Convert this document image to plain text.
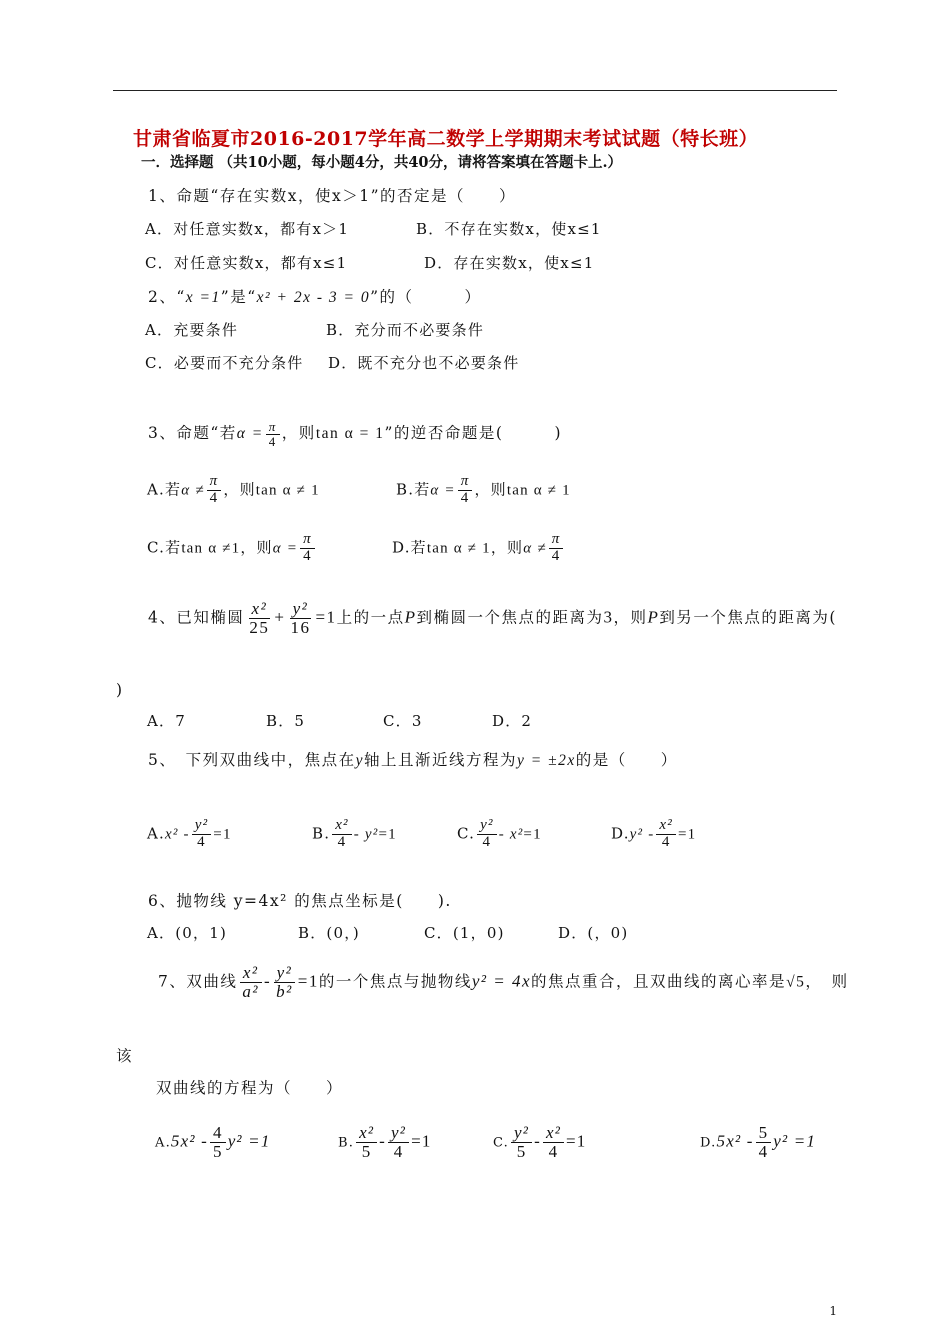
甘肃省临夏市2016-2017学年高二数学上学期期末考试试题（特长班）
一．选择题 （共10小题，每小题4分，共40分，请将答案填在答题卡上.）
1、命题“存在实数x，使x＞1”的否定是（　　）
A．对任意实数x，都有x＞1	B．不存在实数x，使x≤1
C．对任意实数x，都有x≤1	D．存在实数x，使x≤1
2、“x =1”是“x² + 2x - 3 = 0”的（　　　）
A．充要条件	B．充分而不必要条件
C．必要而不充分条件 D．既不充分也不必要条件
3、命题“若$\alpha = \frac{\pi}{4}$ ，则tan α = 1”的逆否命题是(　　　)
A.若$\alpha \ne \frac{\pi}{4}$ ，则tan α ≠ 1	B.若$\alpha = \frac{\pi}{4}$ ，则tan α ≠ 1
C.若tan α ≠1，则$\alpha = \frac{\pi}{4}$	D.若tan α ≠ 1，则$\alpha \ne \frac{\pi}{4}$
4、已知椭圆 $\frac{\text{x²}}{25} + \frac{\text{y²}}{16} =1$上的一点P到椭圆一个焦点的距离为3，则P到另一个焦点的距离为(
)
A．7	B．5	C．3	D．2
5、　下列双曲线中，焦点在y轴上且渐近线方程为y = ±2x的是（　　）
$A.x^2 - \frac{\text{y²}}{4} =1$	B. $\frac{\text{x²}}{4} - y^2=1$	C. $\frac{\text{y²}}{4} - x^2=1$	$D.y^2 - \frac{\text{x²}}{4} =1$
6、抛物线 y=4x² 的焦点坐标是(　　).
A．(0，1)	B．(0，)	C．(1，0)	D．(，0)
7、双曲线 $\frac{\text{x²}}{\text{a²}} - \frac{\text{y²}}{\text{b²}} =1$的一个焦点与抛物线y² = 4x的焦点重合，且双曲线的离心率是√5，　则
该
双曲线的方程为（　　）
$A.5x^2 - \frac{4}{5} y^2 =1$	B. $\frac{\text{x²}}{5} - \frac{\text{y²}}{4} =1$	C. $\frac{\text{y²}}{5} - \frac{\text{x²}}{4} =1$	$D.5x^2 - \frac{5}{4} y^2 =1$
1
